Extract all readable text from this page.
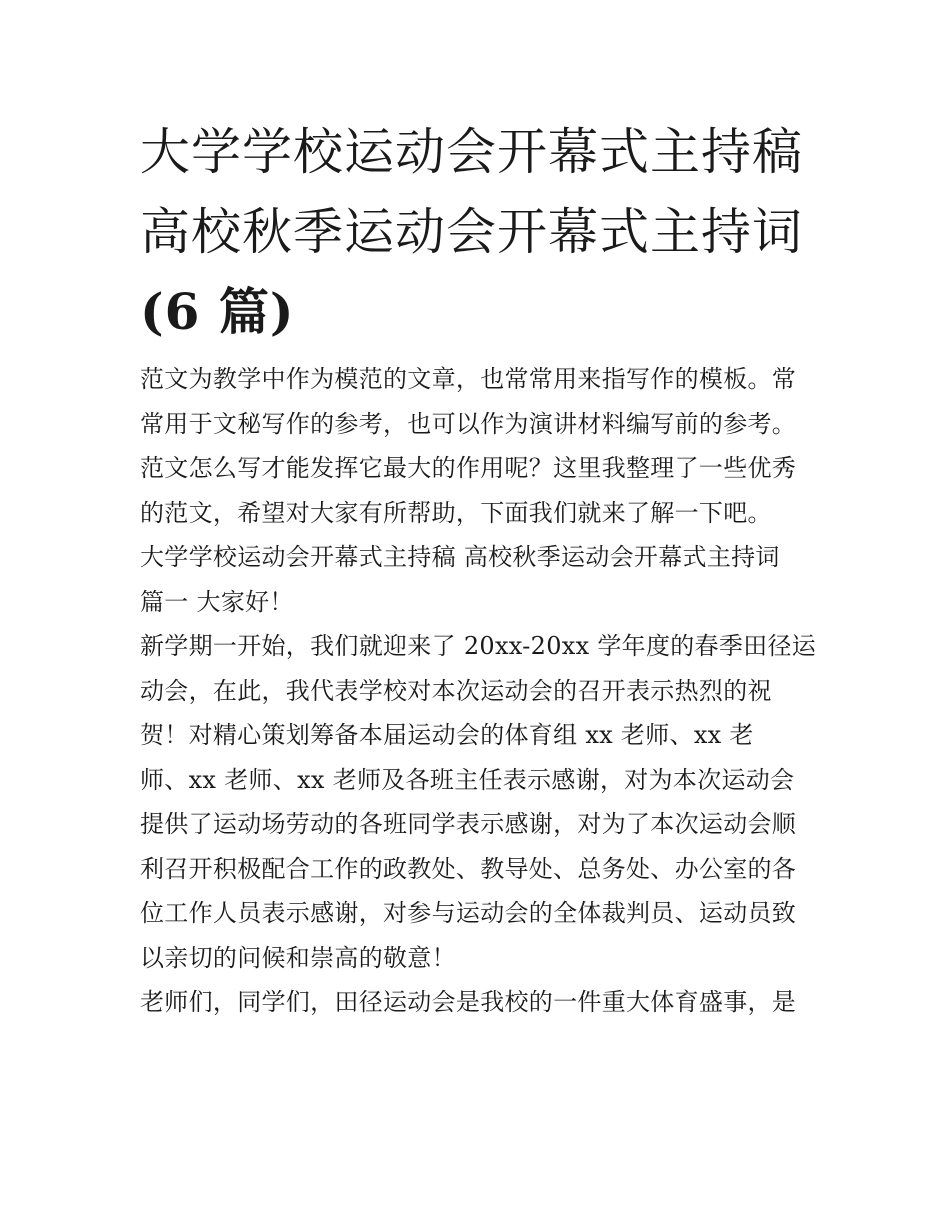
大学学校运动会开幕式主持稿
高校秋季运动会开幕式主持词
(6 篇)
范文为教学中作为模范的文章，也常常用来指写作的模板。常
常用于文秘写作的参考，也可以作为演讲材料编写前的参考。
范文怎么写才能发挥它最大的作用呢？这里我整理了一些优秀
的范文，希望对大家有所帮助，下面我们就来了解一下吧。
大学学校运动会开幕式主持稿 高校秋季运动会开幕式主持词
篇一 大家好！
新学期一开始，我们就迎来了 20xx-20xx 学年度的春季田径运
动会，在此，我代表学校对本次运动会的召开表示热烈的祝
贺！对精心策划筹备本届运动会的体育组 xx 老师、xx 老
师、xx 老师、xx 老师及各班主任表示感谢，对为本次运动会
提供了运动场劳动的各班同学表示感谢，对为了本次运动会顺
利召开积极配合工作的政教处、教导处、总务处、办公室的各
位工作人员表示感谢，对参与运动会的全体裁判员、运动员致
以亲切的问候和崇高的敬意！
老师们，同学们，田径运动会是我校的一件重大体育盛事，是
